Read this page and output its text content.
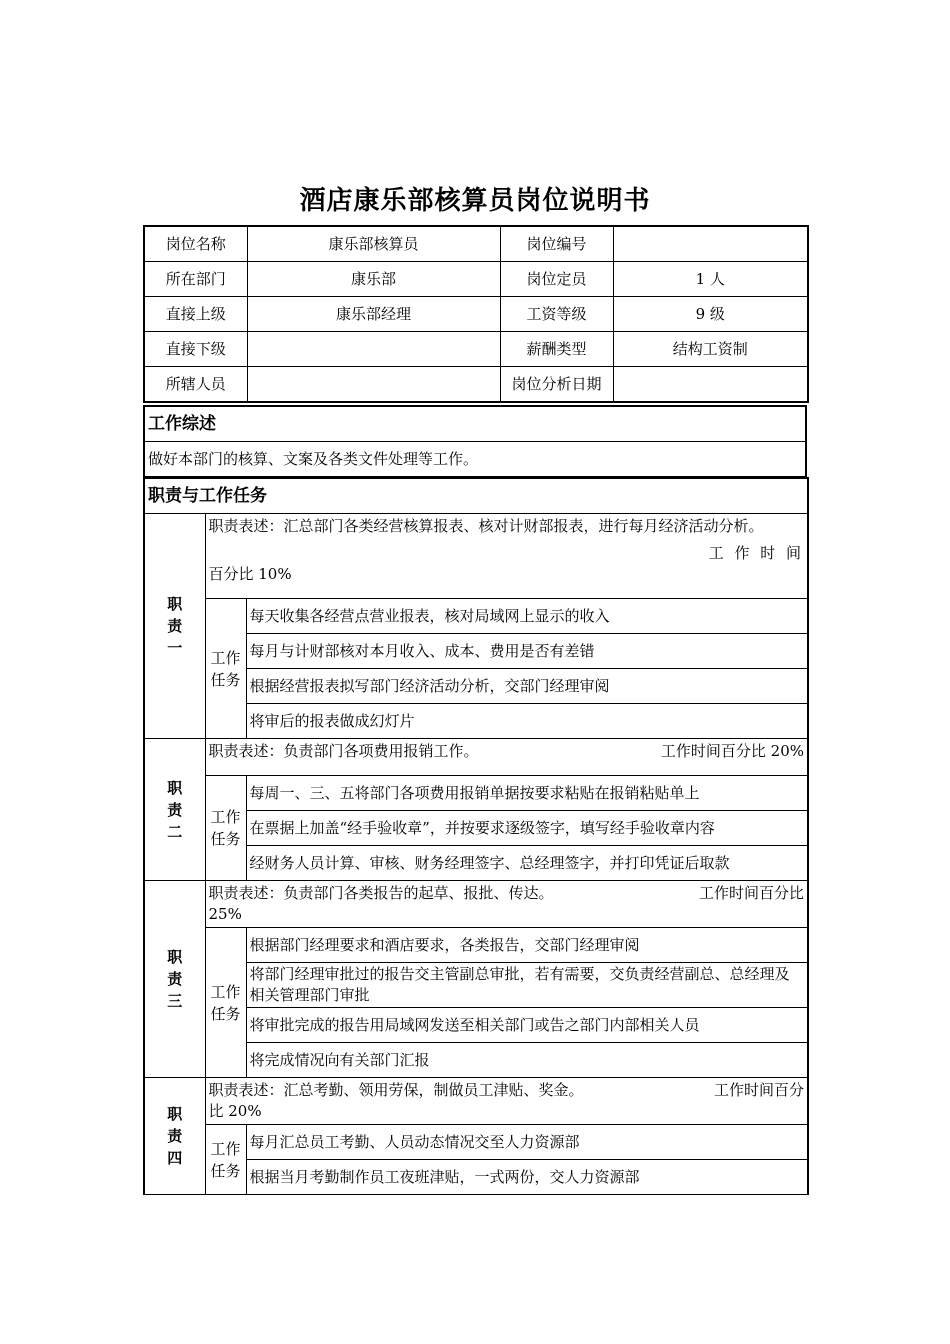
酒店康乐部核算员岗位说明书
岗位名称	康乐部核算员	岗位编号	
所在部门	康乐部	岗位定员	1 人
直接上级	康乐部经理	工资等级	9 级
直接下级		薪酬类型	结构工资制
所辖人员		岗位分析日期	
工作综述
做好本部门的核算、文案及各类文件处理等工作。
职责与工作任务		
职责一	职责表述：汇总部门各类经营核算报表、核对计财部报表，进行每月经济活动分析。
工 作 时 间
百分比 10%	

	工作任务	每天收集各经营点营业报表，核对局域网上显示的收入
		每月与计财部核对本月收入、成本、费用是否有差错
		根据经营报表拟写部门经济活动分析，交部门经理审阅
		将审后的报表做成幻灯片
职责二	职责表述：负责部门各项费用报销工作。 工作时间百分比 20%	

	工作任务	每周一、三、五将部门各项费用报销单据按要求粘贴在报销粘贴单上
		在票据上加盖“经手验收章”，并按要求逐级签字，填写经手验收章内容
		经财务人员计算、审核、财务经理签字、总经理签字，并打印凭证后取款
职责三	职责表述：负责部门各类报告的起草、报批、传达。 工作时间百分比
25%	

	工作任务	根据部门经理要求和酒店要求，各类报告，交部门经理审阅
		将部门经理审批过的报告交主管副总审批，若有需要，交负责经营副总、总经理及相关管理部门审批
		将审批完成的报告用局域网发送至相关部门或告之部门内部相关人员
		将完成情况向有关部门汇报
职责四	职责表述：汇总考勤、领用劳保，制做员工津贴、奖金。 工作时间百分
比 20%	

	工作任务	每月汇总员工考勤、人员动态情况交至人力资源部
		根据当月考勤制作员工夜班津贴，一式两份，交人力资源部
